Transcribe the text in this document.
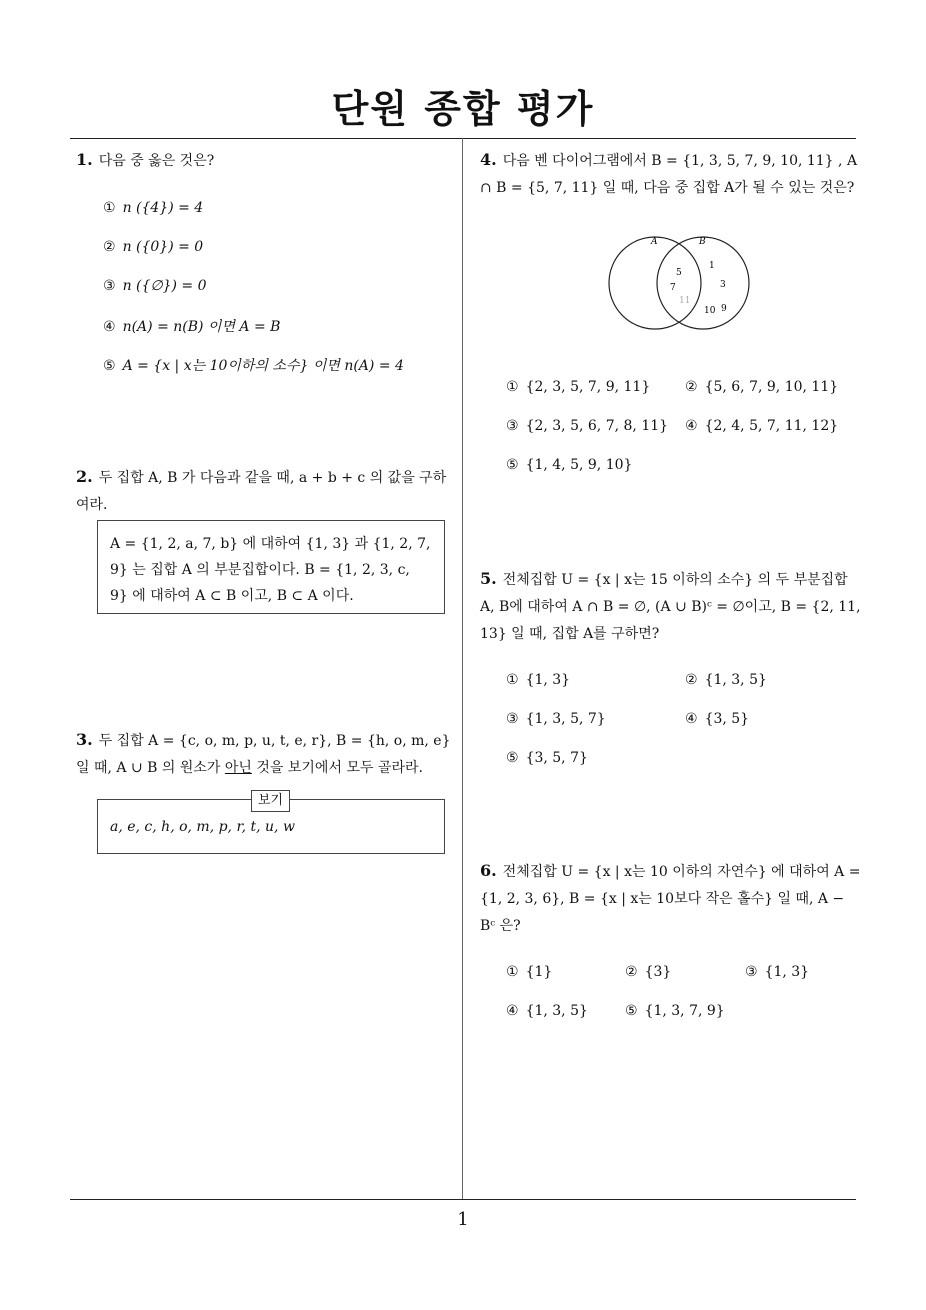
단원 종합 평가
1. 다음 중 옳은 것은?
① n ({4}) = 4
② n ({0}) = 0
③ n ({∅}) = 0
④ n(A) = n(B) 이면 A = B
⑤ A = {x | x는 10이하의 소수} 이면 n(A) = 4
2. 두 집합 A, B 가 다음과 같을 때, a + b + c 의 값을 구하여라.
A = {1, 2, a, 7, b} 에 대하여 {1, 3} 과 {1, 2, 7, 9} 는 집합 A 의 부분집합이다. B = {1, 2, 3, c, 9} 에 대하여 A ⊂ B 이고, B ⊂ A 이다.
3. 두 집합 A = {c, o, m, p, u, t, e, r}, B = {h, o, m, e} 일 때, A ∪ B 의 원소가 아닌 것을 보기에서 모두 골라라.
a, e, c, h, o, m, p, r, t, u, w
보기
4. 다음 벤 다이어그램에서 B = {1, 3, 5, 7, 9, 10, 11} , A ∩ B = {5, 7, 11} 일 때, 다음 중 집합 A가 될 수 있는 것은?
A	B
5
7
11
1
3
10 9
① {2, 3, 5, 7, 9, 11} ② {5, 6, 7, 9, 10, 11}
③ {2, 3, 5, 6, 7, 8, 11} ④ {2, 4, 5, 7, 11, 12}
⑤ {1, 4, 5, 9, 10}
5. 전체집합 U = {x | x는 15 이하의 소수} 의 두 부분집합 A, B에 대하여 A ∩ B = ∅, (A ∪ B)ᶜ = ∅이고, B = {2, 11, 13} 일 때, 집합 A를 구하면?
① {1, 3}	② {1, 3, 5}
③ {1, 3, 5, 7}	④ {3, 5}
⑤ {3, 5, 7}
6. 전체집합 U = {x | x는 10 이하의 자연수} 에 대하여 A = {1, 2, 3, 6}, B = {x | x는 10보다 작은 홀수} 일 때, A − Bᶜ 은?
① {1}	② {3}	③ {1, 3}
④ {1, 3, 5}	⑤ {1, 3, 7, 9}
1
